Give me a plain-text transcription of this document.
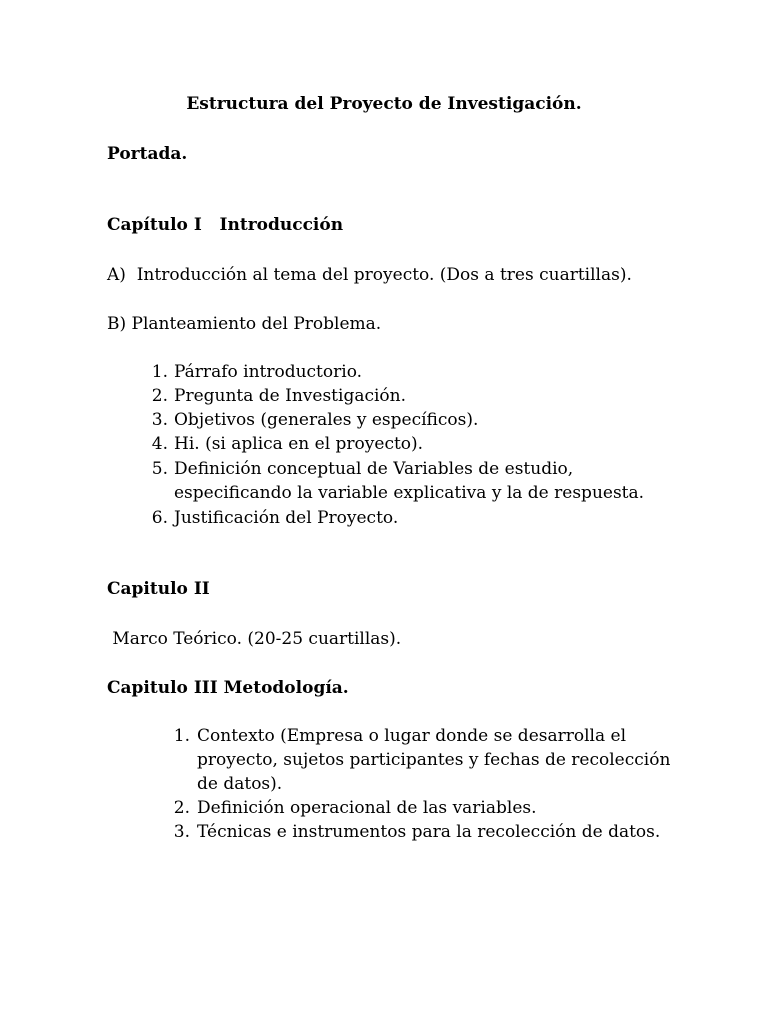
Estructura del Proyecto de Investigación.
Portada.
Capítulo I   Introducción
A)  Introducción al tema del proyecto. (Dos a tres cuartillas).
B) Planteamiento del Problema.
1. Párrafo introductorio.
2. Pregunta de Investigación.
3. Objetivos (generales y específicos).
4. Hi. (si aplica en el proyecto).
5. Definición conceptual de Variables de estudio,
especificando la variable explicativa y la de respuesta.
6. Justificación del Proyecto.
Capitulo II
Marco Teórico. (20-25 cuartillas).
Capitulo III Metodología.
1. Contexto (Empresa o lugar donde se desarrolla el
proyecto, sujetos participantes y fechas de recolección
de datos).
2. Definición operacional de las variables.
3. Técnicas e instrumentos para la recolección de datos.
